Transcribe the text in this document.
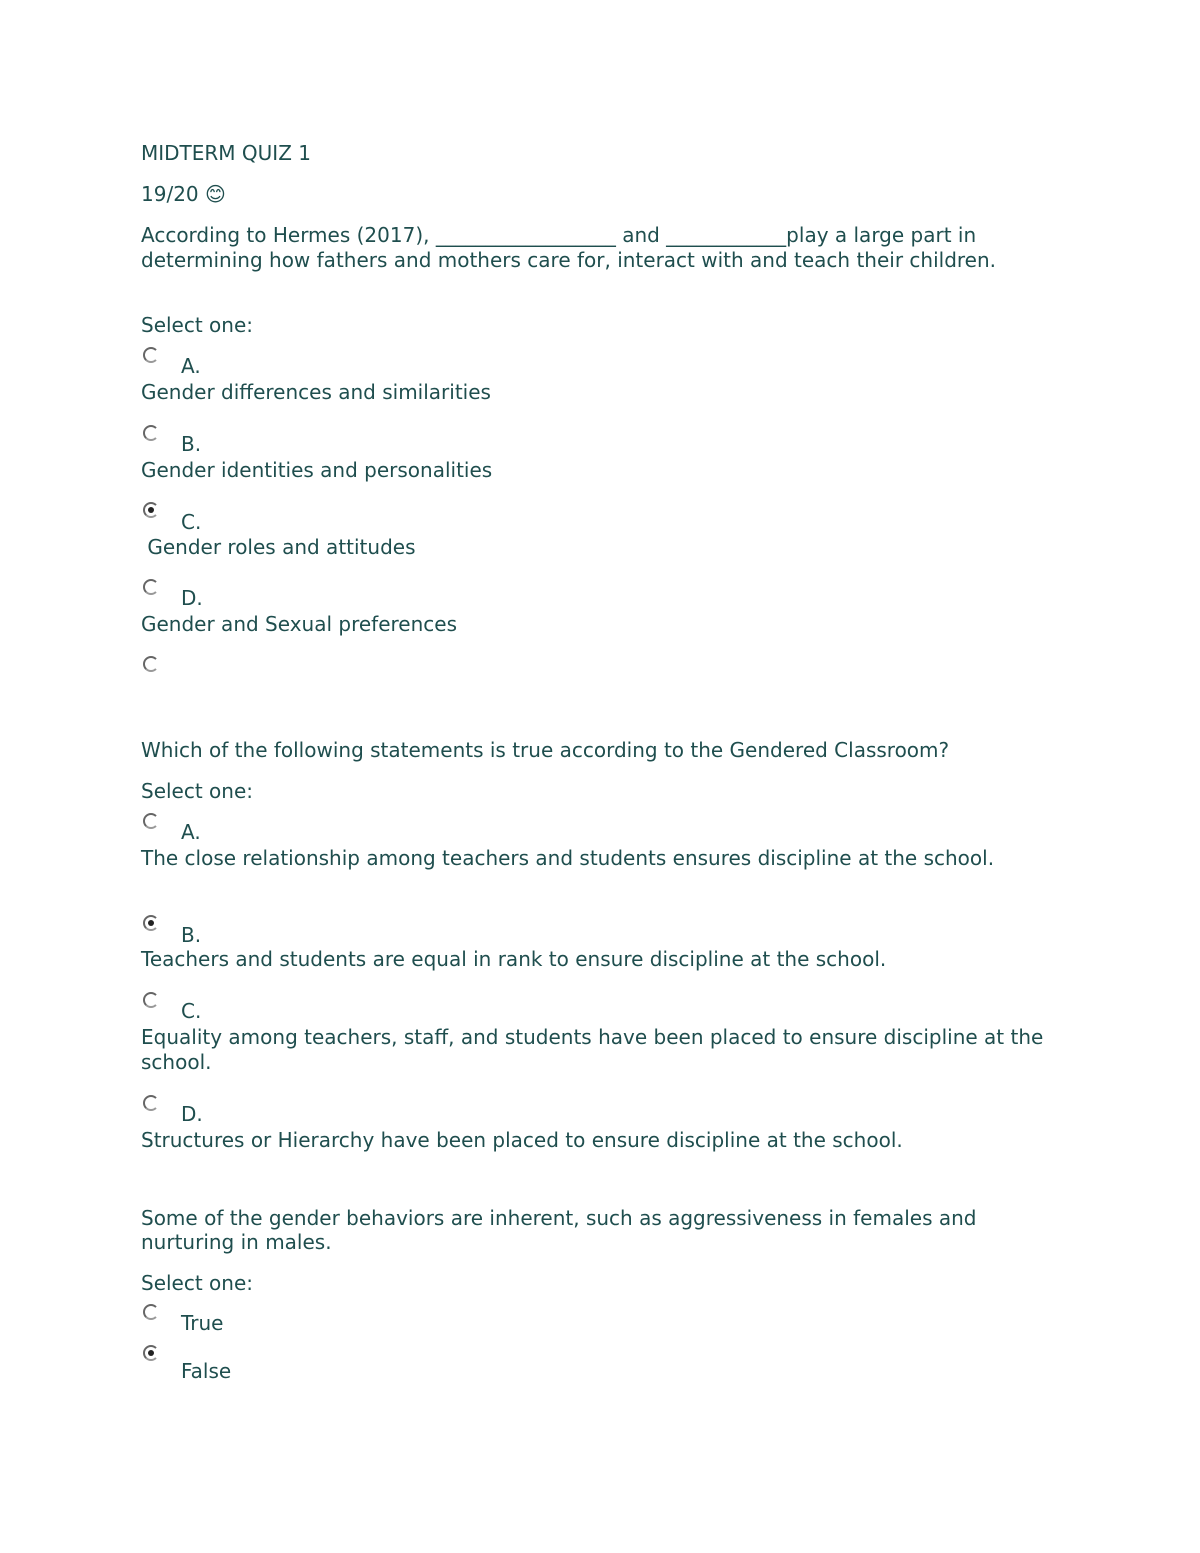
MIDTERM QUIZ 1
19/20 😊
According to Hermes (2017), __________________ and ____________play a large part in determining how fathers and mothers care for, interact with and teach their children.
Select one:
A.
Gender differences and similarities
B.
Gender identities and personalities
C.
Gender roles and attitudes
D.
Gender and Sexual preferences
Which of the following statements is true according to the Gendered Classroom?
Select one:
A.
The close relationship among teachers and students ensures discipline at the school.
B.
Teachers and students are equal in rank to ensure discipline at the school.
C.
Equality among teachers, staff, and students have been placed to ensure discipline at the school.
D.
Structures or Hierarchy have been placed to ensure discipline at the school.
Some of the gender behaviors are inherent, such as aggressiveness in females and nurturing in males.
Select one:
True
False
